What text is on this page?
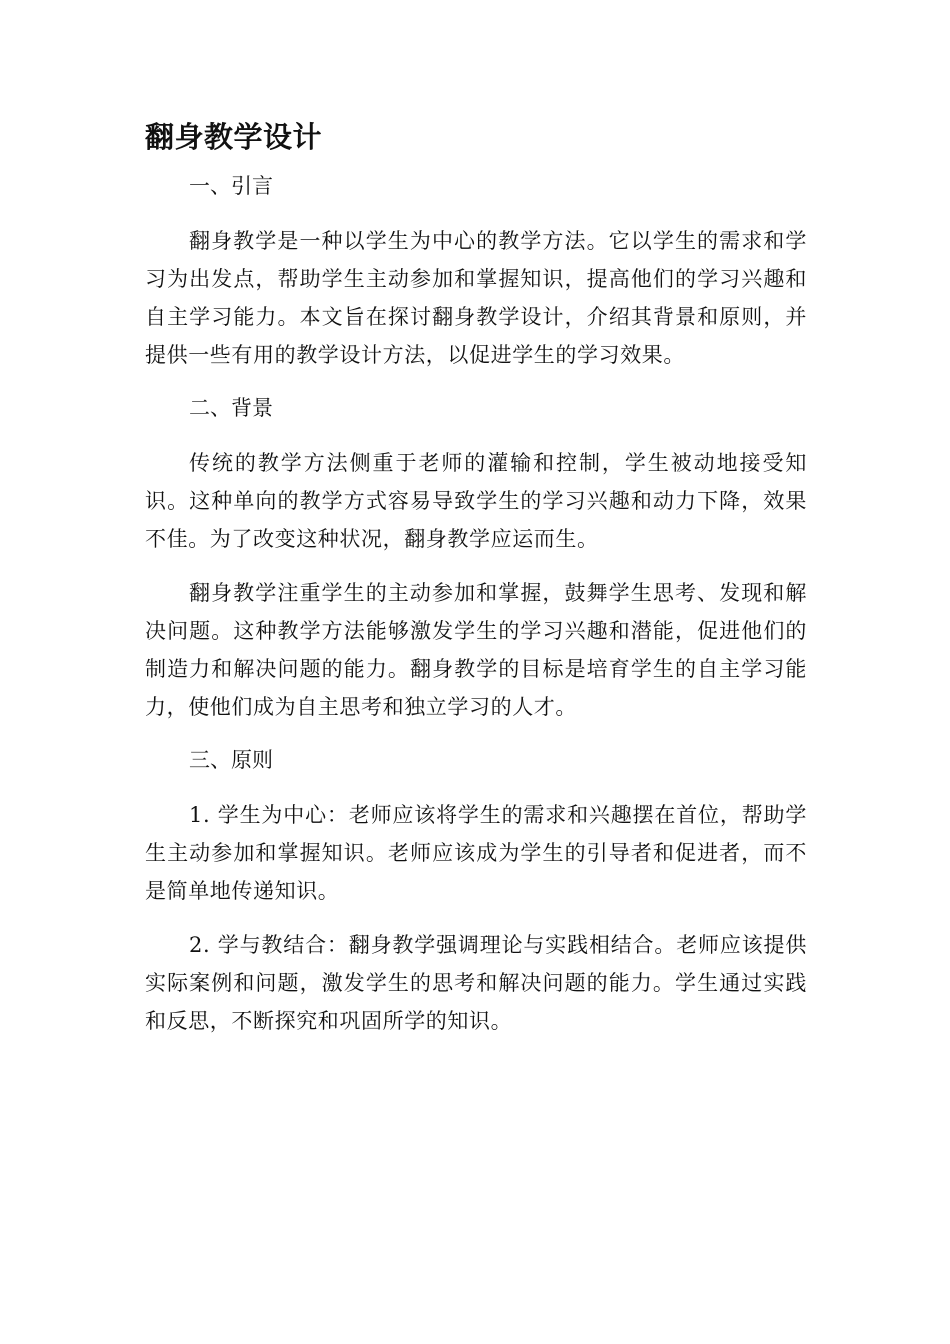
翻身教学设计
一、引言

翻身教学是一种以学生为中心的教学方法。它以学生的需求和学习为出发点，帮助学生主动参加和掌握知识，提高他们的学习兴趣和自主学习能力。本文旨在探讨翻身教学设计，介绍其背景和原则，并提供一些有用的教学设计方法，以促进学生的学习效果。

二、背景

传统的教学方法侧重于老师的灌输和控制，学生被动地接受知识。这种单向的教学方式容易导致学生的学习兴趣和动力下降，效果不佳。为了改变这种状况，翻身教学应运而生。

翻身教学注重学生的主动参加和掌握，鼓舞学生思考、发现和解决问题。这种教学方法能够激发学生的学习兴趣和潜能，促进他们的制造力和解决问题的能力。翻身教学的目标是培育学生的自主学习能力，使他们成为自主思考和独立学习的人才。

三、原则

1. 学生为中心：老师应该将学生的需求和兴趣摆在首位，帮助学生主动参加和掌握知识。老师应该成为学生的引导者和促进者，而不是简单地传递知识。

2. 学与教结合：翻身教学强调理论与实践相结合。老师应该提供实际案例和问题，激发学生的思考和解决问题的能力。学生通过实践和反思，不断探究和巩固所学的知识。
